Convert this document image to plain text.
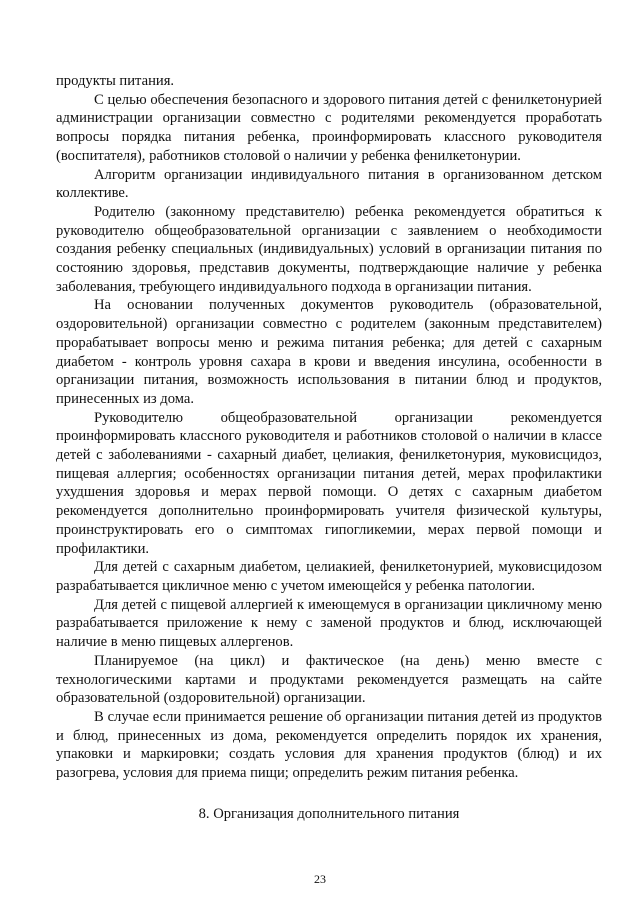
продукты питания.

С целью обеспечения безопасного и здорового питания детей с фенилкетонурией администрации организации совместно с родителями рекомендуется проработать вопросы порядка питания ребенка, проинформировать классного руководителя (воспитателя), работников столовой о наличии у ребенка фенилкетонурии.

Алгоритм организации индивидуального питания в организованном детском коллективе.

Родителю (законному представителю) ребенка рекомендуется обратиться к руководителю общеобразовательной организации с заявлением о необходимости создания ребенку специальных (индивидуальных) условий в организации питания по состоянию здоровья, представив документы, подтверждающие наличие у ребенка заболевания, требующего индивидуального подхода в организации питания.

На основании полученных документов руководитель (образовательной, оздоровительной) организации совместно с родителем (законным представителем) прорабатывает вопросы меню и режима питания ребенка; для детей с сахарным диабетом - контроль уровня сахара в крови и введения инсулина, особенности в организации питания, возможность использования в питании блюд и продуктов, принесенных из дома.

Руководителю общеобразовательной организации рекомендуется проинформировать классного руководителя и работников столовой о наличии в классе детей с заболеваниями - сахарный диабет, целиакия, фенилкетонурия, муковисцидоз, пищевая аллергия; особенностях организации питания детей, мерах профилактики ухудшения здоровья и мерах первой помощи. О детях с сахарным диабетом рекомендуется дополнительно проинформировать учителя физической культуры, проинструктировать его о симптомах гипогликемии, мерах первой помощи и профилактики.

Для детей с сахарным диабетом, целиакией, фенилкетонурией, муковисцидозом разрабатывается цикличное меню с учетом имеющейся у ребенка патологии.

Для детей с пищевой аллергией к имеющемуся в организации цикличному меню разрабатывается приложение к нему с заменой продуктов и блюд, исключающей наличие в меню пищевых аллергенов.

Планируемое (на цикл) и фактическое (на день) меню вместе с технологическими картами и продуктами рекомендуется размещать на сайте образовательной (оздоровительной) организации.

В случае если принимается решение об организации питания детей из продуктов и блюд, принесенных из дома, рекомендуется определить порядок их хранения, упаковки и маркировки; создать условия для хранения продуктов (блюд) и их разогрева, условия для приема пищи; определить режим питания ребенка.

8. Организация дополнительного питания

23
